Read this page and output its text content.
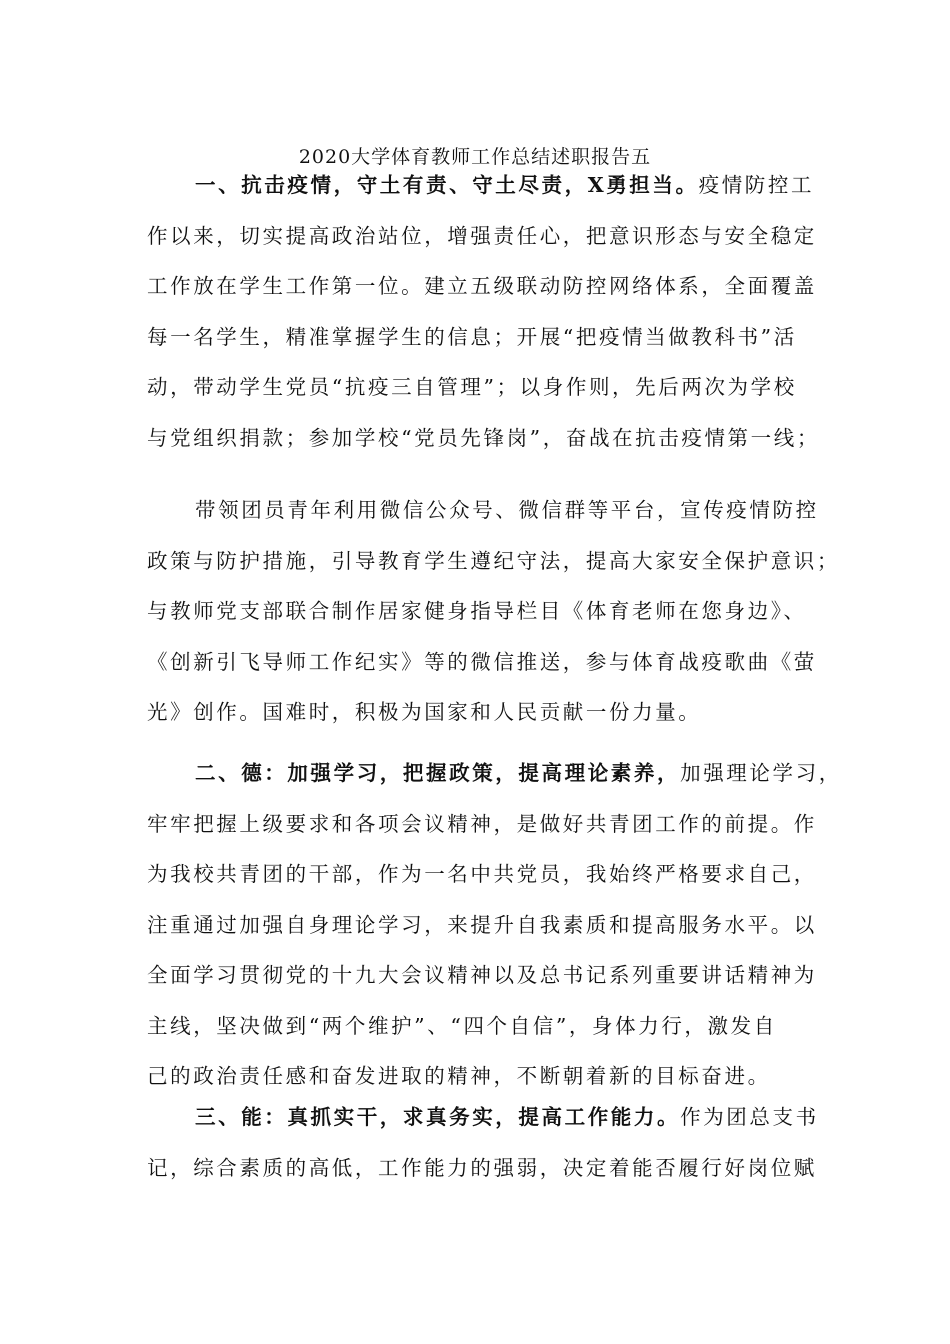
2020大学体育教师工作总结述职报告五
一、抗击疫情，守土有责、守土尽责，X勇担当。疫情防控工
作以来，切实提高政治站位，增强责任心，把意识形态与安全稳定
工作放在学生工作第一位。建立五级联动防控网络体系，全面覆盖
每一名学生，精准掌握学生的信息；开展“把疫情当做教科书”活
动，带动学生党员“抗疫三自管理”；以身作则，先后两次为学校
与党组织捐款；参加学校“党员先锋岗”，奋战在抗击疫情第一线；
带领团员青年利用微信公众号、微信群等平台，宣传疫情防控
政策与防护措施，引导教育学生遵纪守法，提高大家安全保护意识；
与教师党支部联合制作居家健身指导栏目《体育老师在您身边》、
《创新引飞导师工作纪实》等的微信推送，参与体育战疫歌曲《萤
光》创作。国难时，积极为国家和人民贡献一份力量。
二、德：加强学习，把握政策，提高理论素养，加强理论学习，
牢牢把握上级要求和各项会议精神，是做好共青团工作的前提。作
为我校共青团的干部，作为一名中共党员，我始终严格要求自己，
注重通过加强自身理论学习，来提升自我素质和提高服务水平。以
全面学习贯彻党的十九大会议精神以及总书记系列重要讲话精神为
主线，坚决做到“两个维护”、“四个自信”，身体力行，激发自
己的政治责任感和奋发进取的精神，不断朝着新的目标奋进。
三、能：真抓实干，求真务实，提高工作能力。作为团总支书
记，综合素质的高低，工作能力的强弱，决定着能否履行好岗位赋
